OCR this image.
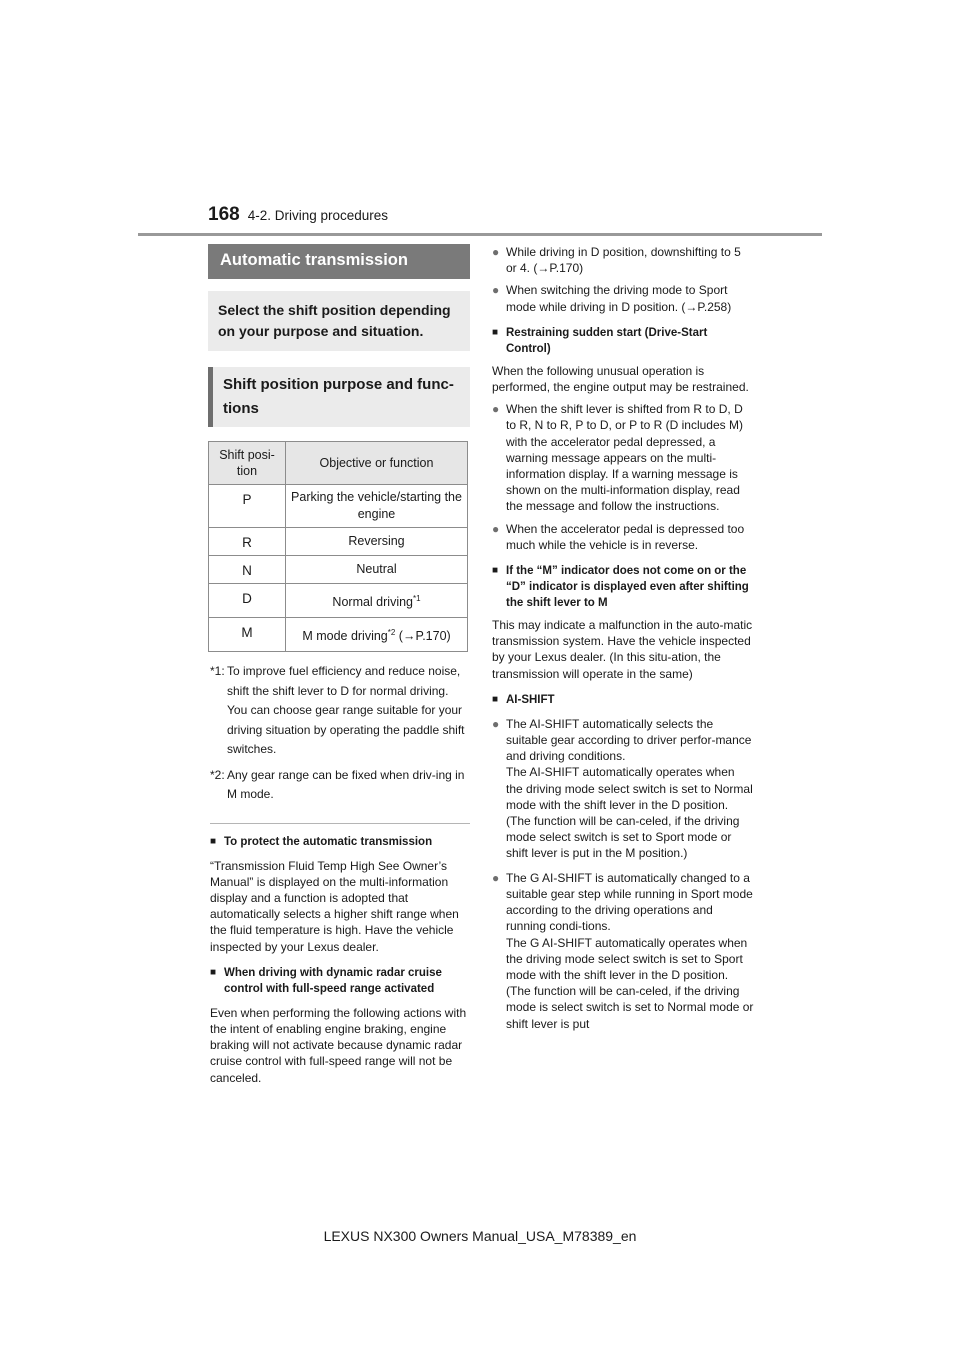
168 4-2. Driving procedures
Automatic transmission
Select the shift position depending on your purpose and situation.
Shift position purpose and func-tions
Shift posi-tion	Objective or function
P	Parking the vehicle/starting the engine
R	Reversing
N	Neutral
D	Normal driving$^{*1}$
M	M mode driving$^{*2}$ (→P.170)
*1: To improve fuel efficiency and reduce noise, shift the shift lever to D for normal driving.
You can choose gear range suitable for your driving situation by operating the paddle shift switches.
*2: Any gear range can be fixed when driv-ing in M mode.
■ To protect the automatic transmission
“Transmission Fluid Temp High See Owner’s Manual” is displayed on the multi-information display and a function is adopted that automatically selects a higher shift range when the fluid temperature is high. Have the vehicle inspected by your Lexus dealer.
■ When driving with dynamic radar cruise control with full-speed range activated
Even when performing the following actions with the intent of enabling engine braking, engine braking will not activate because dynamic radar cruise control with full-speed range will not be canceled.
● While driving in D position, downshifting to 5 or 4. (→P.170)
● When switching the driving mode to Sport mode while driving in D position. (→P.258)
■ Restraining sudden start (Drive-Start Control)
When the following unusual operation is performed, the engine output may be restrained.
● When the shift lever is shifted from R to D, D to R, N to R, P to D, or P to R (D includes M) with the accelerator pedal depressed, a warning message appears on the multi-information display. If a warning message is shown on the multi-information display, read the message and follow the instructions.
● When the accelerator pedal is depressed too much while the vehicle is in reverse.
■ If the “M” indicator does not come on or the “D” indicator is displayed even after shifting the shift lever to M
This may indicate a malfunction in the auto-matic transmission system. Have the vehicle inspected by your Lexus dealer. (In this situ-ation, the transmission will operate in the same)
■ AI-SHIFT
● The AI-SHIFT automatically selects the suitable gear according to driver perfor-mance and driving conditions.
The AI-SHIFT automatically operates when the driving mode select switch is set to Normal mode with the shift lever in the D position. (The function will be can-celed, if the driving mode select switch is set to Sport mode or shift lever is put in the M position.)
● The G AI-SHIFT is automatically changed to a suitable gear step while running in Sport mode according to the driving operations and running condi-tions.
The G AI-SHIFT automatically operates when the driving mode select switch is set to Sport mode with the shift lever in the D position. (The function will be can-celed, if the driving mode is select switch is set to Normal mode or shift lever is put
LEXUS NX300 Owners Manual_USA_M78389_en
